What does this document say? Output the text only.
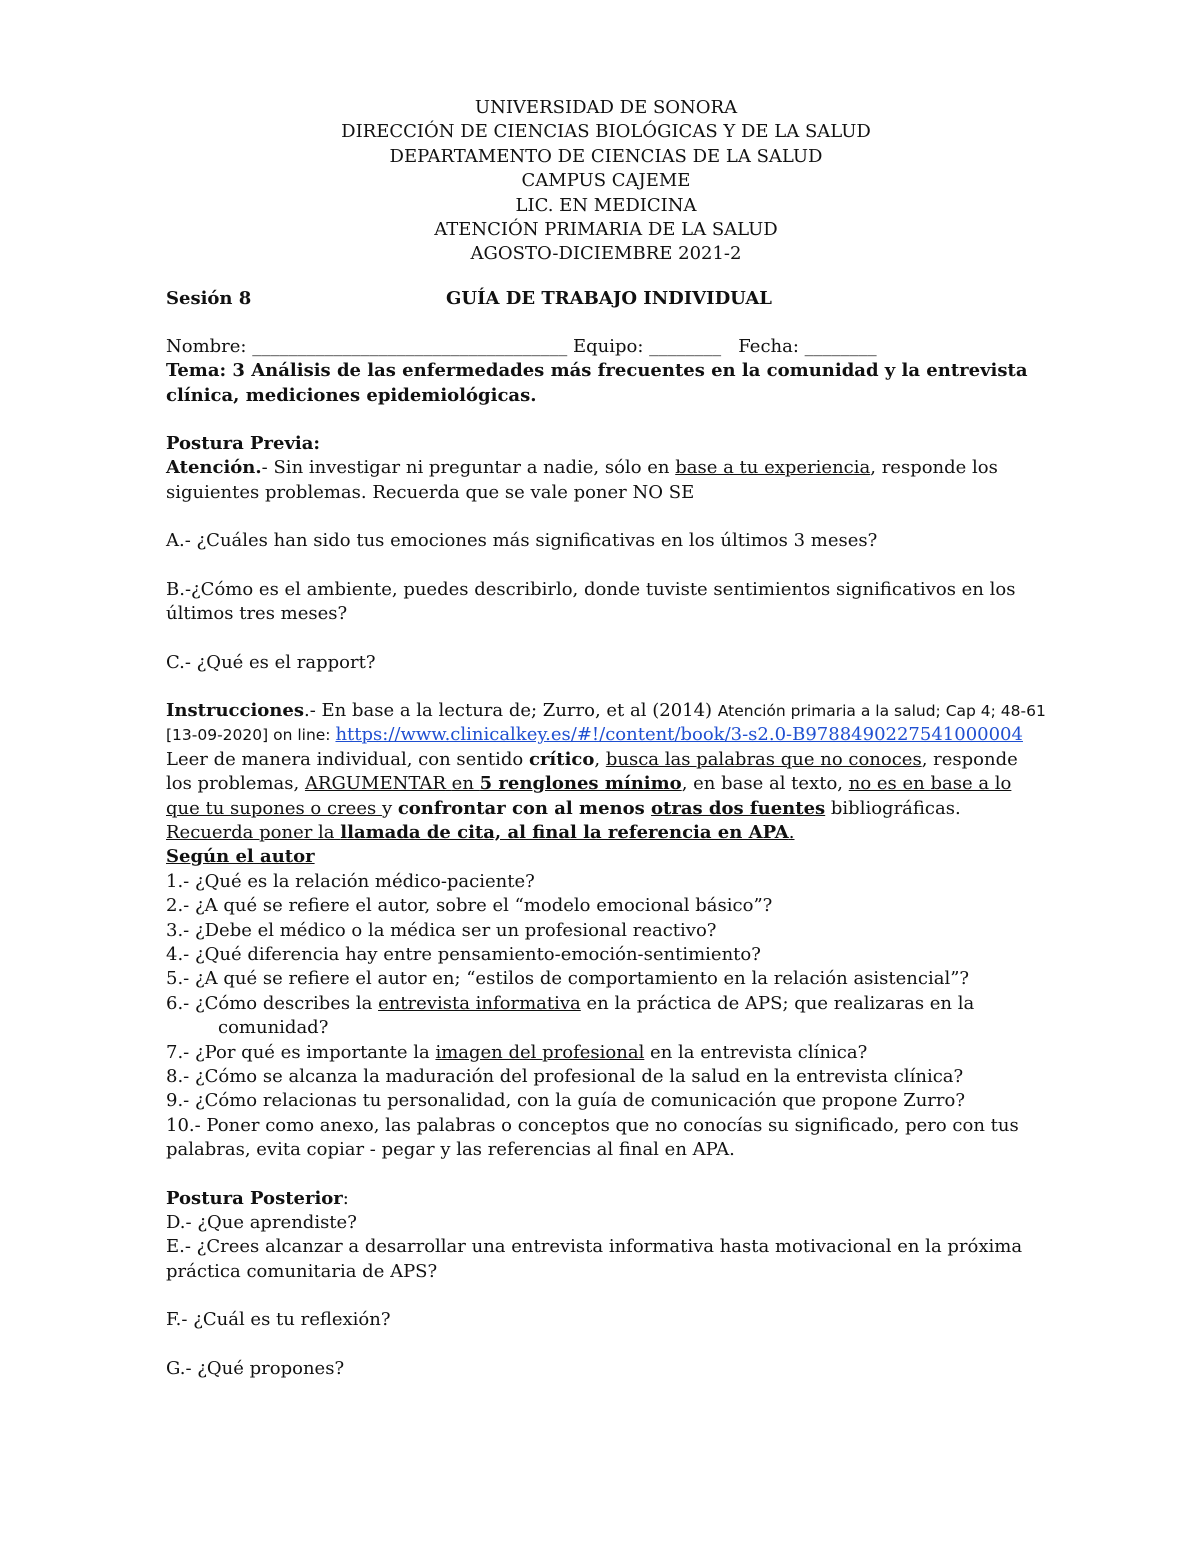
UNIVERSIDAD DE SONORA
DIRECCIÓN DE CIENCIAS BIOLÓGICAS Y DE LA SALUD
DEPARTAMENTO DE CIENCIAS DE LA SALUD
CAMPUS CAJEME
LIC. EN MEDICINA
ATENCIÓN PRIMARIA DE LA SALUD
AGOSTO-DICIEMBRE 2021-2
Sesión 8	GUÍA DE TRABAJO INDIVIDUAL

Nombre: ___________________________________ Equipo: ________   Fecha: ________

Tema: 3 Análisis de las enfermedades más frecuentes en la comunidad y la entrevista clínica, mediciones epidemiológicas.

Postura Previa:

Atención.- Sin investigar ni preguntar a nadie, sólo en base a tu experiencia, responde los siguientes problemas. Recuerda que se vale poner NO SE

A.- ¿Cuáles han sido tus emociones más significativas en los últimos 3 meses?

B.-¿Cómo es el ambiente, puedes describirlo, donde tuviste sentimientos significativos en los últimos tres meses?

C.- ¿Qué es el rapport?

Instrucciones.- En base a la lectura de; Zurro, et al (2014) Atención primaria a la salud; Cap 4; 48-61 [13-09-2020] on line: https://www.clinicalkey.es/#!/content/book/3-s2.0-B9788490227541000004     Leer de manera individual, con sentido crítico, busca las palabras que no conoces, responde los problemas, ARGUMENTAR en 5 renglones mínimo, en base al texto, no es en base a lo que tu supones o crees y confrontar con al menos otras dos fuentes bibliográficas. Recuerda poner la llamada de cita, al final la referencia en APA.

Según el autor

1.- ¿Qué es la relación médico-paciente?

2.- ¿A qué se refiere el autor, sobre el “modelo emocional básico”?

3.- ¿Debe el médico o la médica ser un profesional reactivo?

4.- ¿Qué diferencia hay entre pensamiento-emoción-sentimiento?

5.- ¿A qué se refiere el autor en; “estilos de comportamiento en la relación asistencial”?

6.- ¿Cómo describes la entrevista informativa en la práctica de APS; que realizaras en la

comunidad?

7.- ¿Por qué es importante la imagen del profesional en la entrevista clínica?

8.- ¿Cómo se alcanza la maduración del profesional de la salud en la entrevista clínica?

9.- ¿Cómo relacionas tu personalidad, con la guía de comunicación que propone Zurro?

10.- Poner como anexo, las palabras o conceptos que no conocías su significado, pero con tus palabras, evita copiar - pegar y las referencias al final en APA.

Postura Posterior:

D.- ¿Que aprendiste?

E.- ¿Crees alcanzar a desarrollar una entrevista informativa hasta motivacional en la próxima práctica comunitaria de APS?

F.- ¿Cuál es tu reflexión?

G.- ¿Qué propones?
